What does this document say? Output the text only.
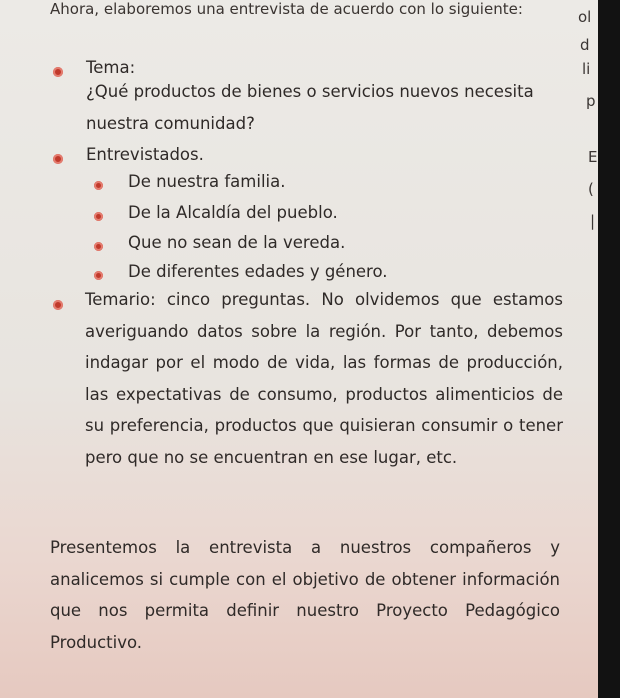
Ahora, elaboremos una entrevista de acuerdo con lo siguiente:
Tema:
¿Qué productos de bienes o servicios nuevos necesita
nuestra comunidad?
Entrevistados.
De nuestra familia.
De la Alcaldía del pueblo.
Que no sean de la vereda.
De diferentes edades y género.
Temario: cinco preguntas. No olvidemos que estamos averiguando datos sobre la región. Por tanto, debemos indagar por el modo de vida, las formas de producción, las expectativas de consumo, productos alimenticios de su preferencia, productos que quisieran consumir o tener pero que no se encuentran en ese lugar, etc.
Presentemos la entrevista a nuestros compañeros y analicemos si cumple con el objetivo de obtener información que nos permita definir nuestro Proyecto Pedagógico Productivo.
ol
d
li
p
E
(
|
